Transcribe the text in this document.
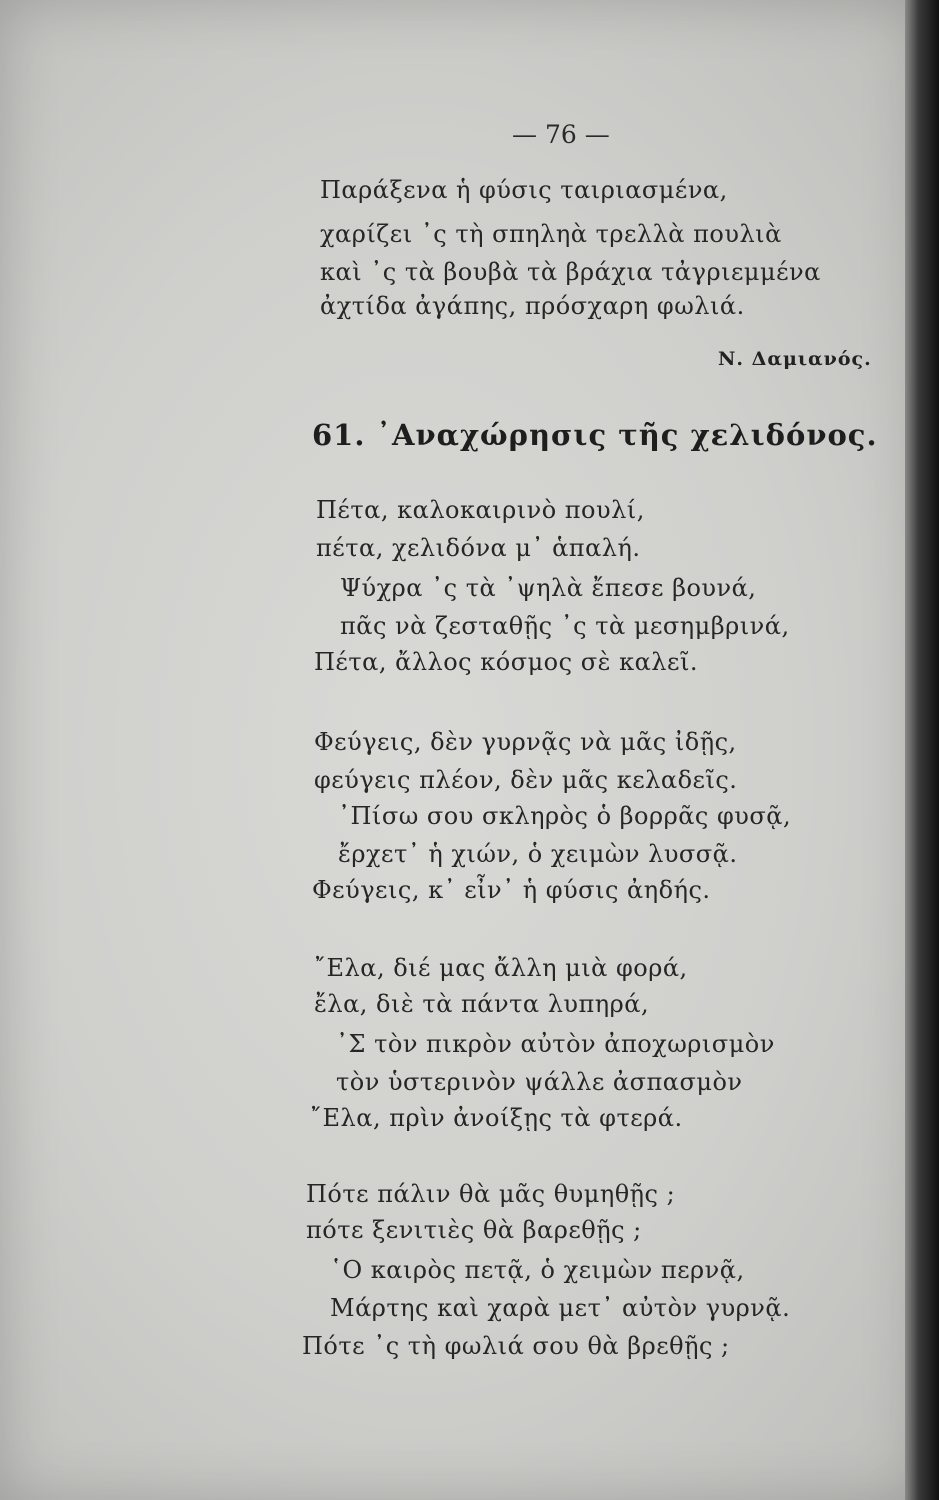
— 76 —
Παράξενα ἡ φύσις ταιριασμένα,
χαρίζει ᾿ς τὴ σπηληὰ τρελλὰ πουλιὰ
καὶ ᾿ς τὰ βουβὰ τὰ βράχια τἀγριεμμένα
ἀχτίδα ἀγάπης, πρόσχαρη φωλιά.
Ν. Δαμιανός.
61. ᾿Αναχώρησις τῆς χελιδόνος.
Πέτα, καλοκαιρινὸ πουλί,
πέτα, χελιδόνα μ᾿ ἁπαλή.
Ψύχρα ᾿ς τὰ ᾿ψηλὰ ἔπεσε βουνά,
πᾶς νὰ ζεσταθῇς ᾿ς τὰ μεσημβρινά,
Πέτα, ἄλλος κόσμος σὲ καλεῖ.
Φεύγεις, δὲν γυρνᾷς νὰ μᾶς ἰδῇς,
φεύγεις πλέον, δὲν μᾶς κελαδεῖς.
᾿Πίσω σου σκληρὸς ὁ βορρᾶς φυσᾷ,
ἔρχετ᾿ ἡ χιών, ὁ χειμὼν λυσσᾷ.
Φεύγεις, κ᾿ εἶν᾿ ἡ φύσις ἀηδής.
῎Ελα, διέ μας ἄλλη μιὰ φορά,
ἔλα, διὲ τὰ πάντα λυπηρά,
᾿Σ τὸν πικρὸν αὐτὸν ἀποχωρισμὸν
τὸν ὑστερινὸν ψάλλε ἀσπασμὸν
῎Ελα, πρὶν ἀνοίξῃς τὰ φτερά.
Πότε πάλιν θὰ μᾶς θυμηθῇς ;
πότε ξενιτιὲς θὰ βαρεθῇς ;
῾Ο καιρὸς πετᾷ, ὁ χειμὼν περνᾷ,
Μάρτης καὶ χαρὰ μετ᾿ αὐτὸν γυρνᾷ.
Πότε ᾿ς τὴ φωλιά σου θὰ βρεθῇς ;
